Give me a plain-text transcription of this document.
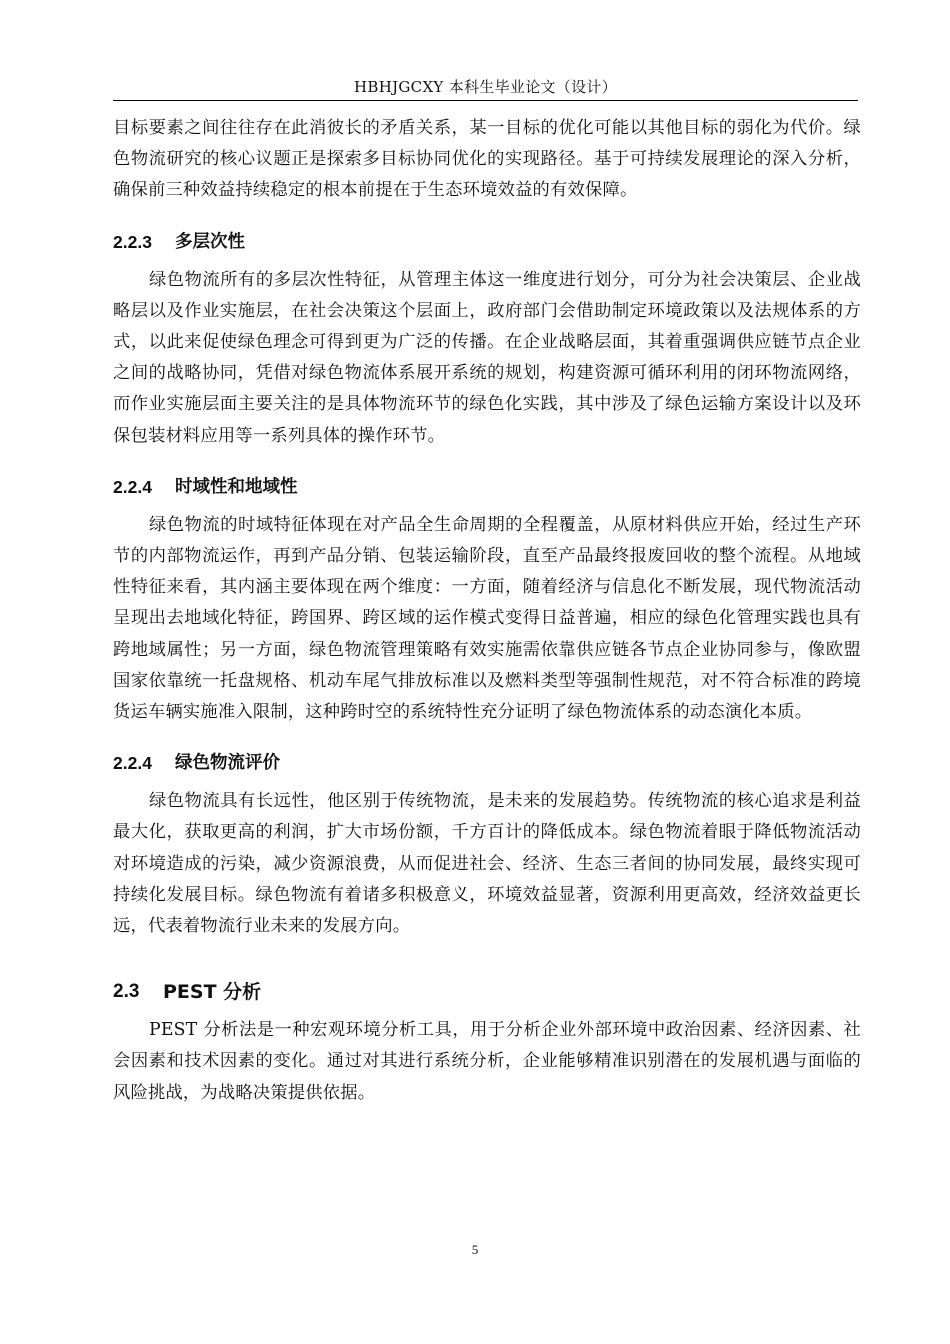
HBHJGCXY 本科生毕业论文（设计）

目标要素之间往往存在此消彼长的矛盾关系，某一目标的优化可能以其他目标的弱化为代价。绿色物流研究的核心议题正是探索多目标协同优化的实现路径。基于可持续发展理论的深入分析，确保前三种效益持续稳定的根本前提在于生态环境效益的有效保障。

2.2.3	多层次性

绿色物流所有的多层次性特征，从管理主体这一维度进行划分，可分为社会决策层、企业战略层以及作业实施层，在社会决策这个层面上，政府部门会借助制定环境政策以及法规体系的方式，以此来促使绿色理念可得到更为广泛的传播。在企业战略层面，其着重强调供应链节点企业之间的战略协同，凭借对绿色物流体系展开系统的规划，构建资源可循环利用的闭环物流网络，而作业实施层面主要关注的是具体物流环节的绿色化实践，其中涉及了绿色运输方案设计以及环保包装材料应用等一系列具体的操作环节。

2.2.4	时域性和地域性

绿色物流的时域特征体现在对产品全生命周期的全程覆盖，从原材料供应开始，经过生产环节的内部物流运作，再到产品分销、包装运输阶段，直至产品最终报废回收的整个流程。从地域性特征来看，其内涵主要体现在两个维度：一方面，随着经济与信息化不断发展，现代物流活动呈现出去地域化特征，跨国界、跨区域的运作模式变得日益普遍，相应的绿色化管理实践也具有跨地域属性；另一方面，绿色物流管理策略有效实施需依靠供应链各节点企业协同参与，像欧盟国家依靠统一托盘规格、机动车尾气排放标准以及燃料类型等强制性规范，对不符合标准的跨境货运车辆实施准入限制，这种跨时空的系统特性充分证明了绿色物流体系的动态演化本质。

2.2.4	绿色物流评价

绿色物流具有长远性，他区别于传统物流，是未来的发展趋势。传统物流的核心追求是利益最大化，获取更高的利润，扩大市场份额，千方百计的降低成本。绿色物流着眼于降低物流活动对环境造成的污染，减少资源浪费，从而促进社会、经济、生态三者间的协同发展，最终实现可持续化发展目标。绿色物流有着诸多积极意义，环境效益显著，资源利用更高效，经济效益更长远，代表着物流行业未来的发展方向。

2.3	PEST 分析

PEST 分析法是一种宏观环境分析工具，用于分析企业外部环境中政治因素、经济因素、社会因素和技术因素的变化。通过对其进行系统分析，企业能够精准识别潜在的发展机遇与面临的风险挑战，为战略决策提供依据。

5
